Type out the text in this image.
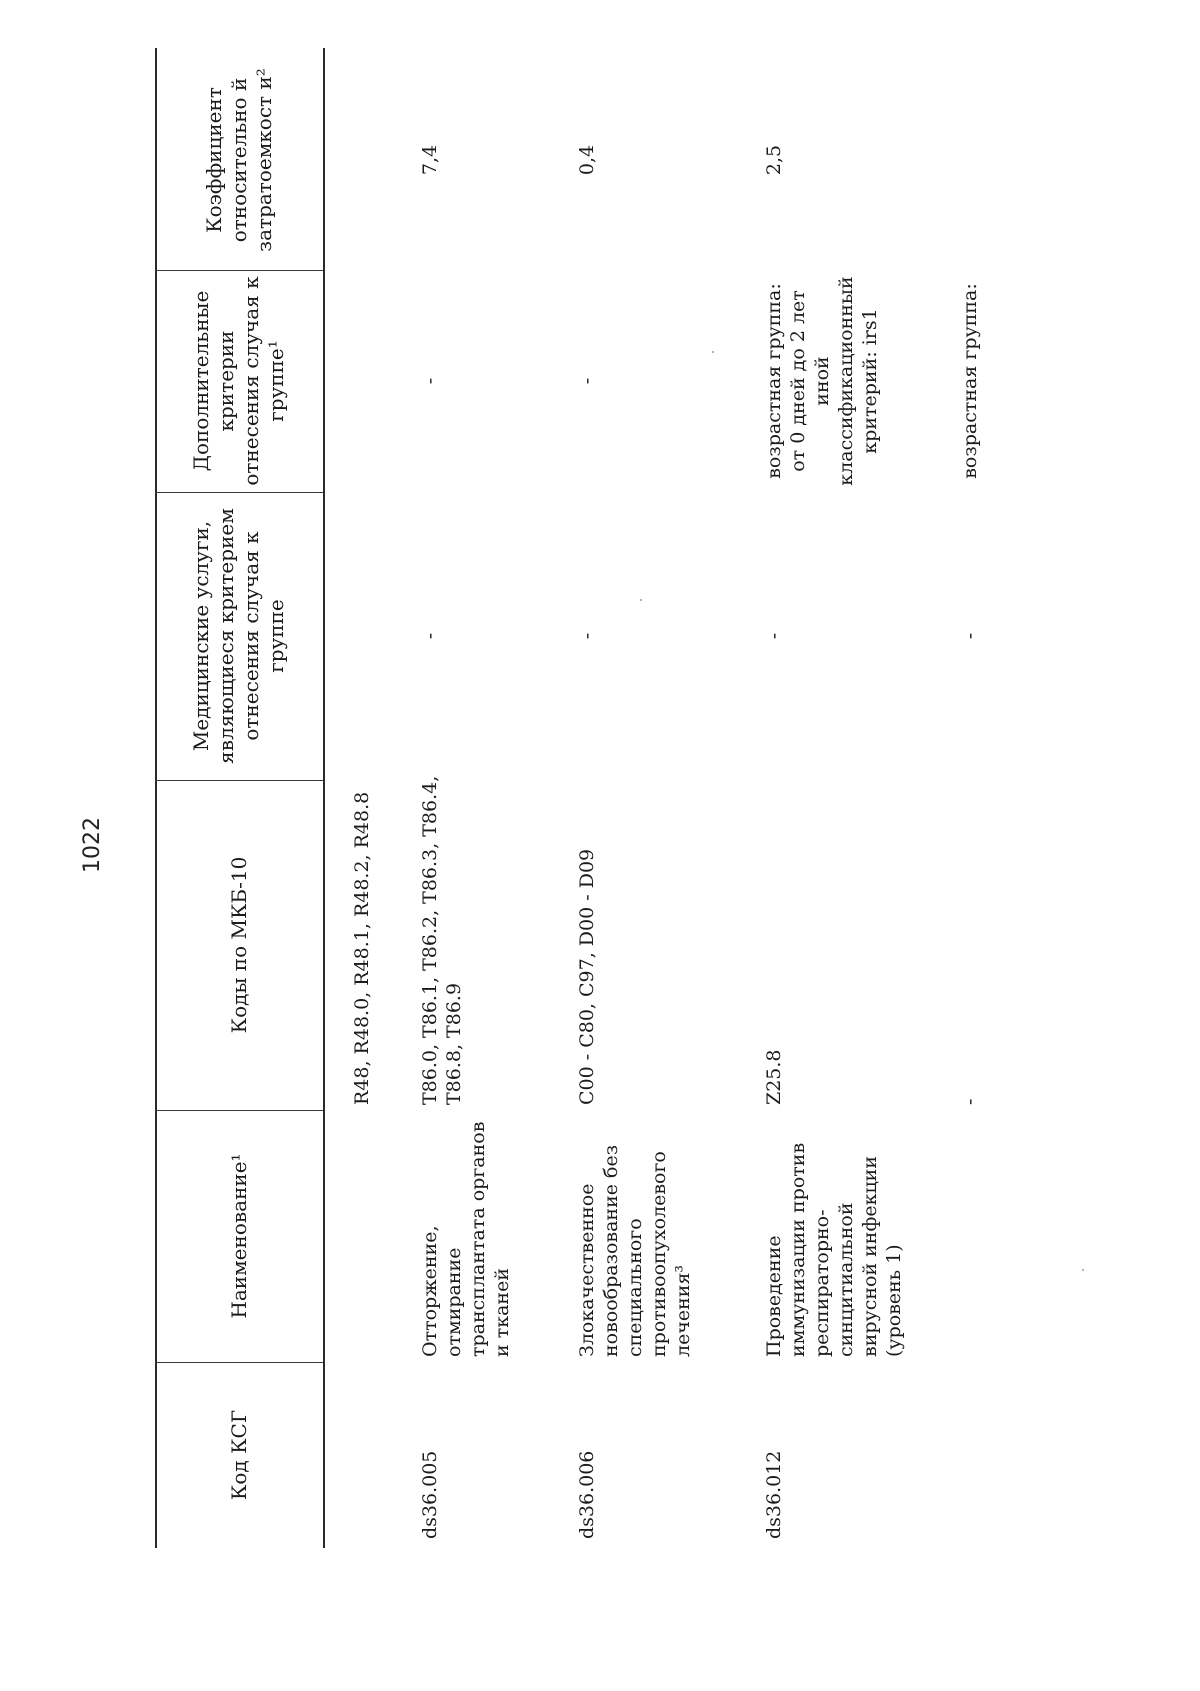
1022
Код КСГ
Наименование¹
Коды по МКБ-10
Медицинские услуги, являющиеся критерием отнесения случая к группе
Дополнительные критерии отнесения случая к группе¹
Коэффициент относительно й затратоемкост и²
R48, R48.0, R48.1, R48.2, R48.8
ds36.005
Отторжение,
отмирание
трансплантата органов
и тканей
T86.0, T86.1, T86.2, T86.3, T86.4,
T86.8, T86.9
-
-
7,4
ds36.006
Злокачественное
новообразование без
специального
противоопухолевого
лечения³
C00 - C80, C97, D00 - D09
-
-
0,4
ds36.012
Проведение
иммунизации против
респираторно-
синцитиальной
вирусной инфекции
(уровень 1)
Z25.8
-
возрастная группа:
от 0 дней до 2 лет
иной
классификационный
критерий: irs1
2,5
-
-
возрастная группа:
